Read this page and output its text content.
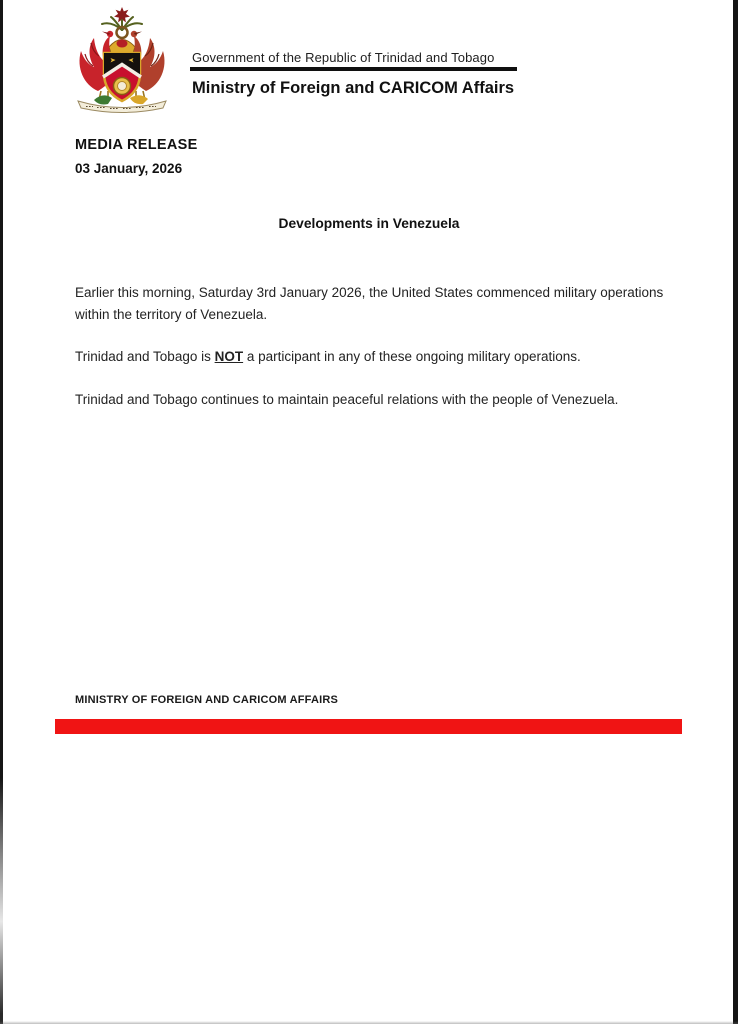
Government of the Republic of Trinidad and Tobago
Ministry of Foreign and CARICOM Affairs
MEDIA RELEASE
03 January, 2026
Developments in Venezuela

Earlier this morning, Saturday 3rd January 2026, the United States commenced military operations within the territory of Venezuela.

Trinidad and Tobago is NOT a participant in any of these ongoing military operations.

Trinidad and Tobago continues to maintain peaceful relations with the people of Venezuela.

MINISTRY OF FOREIGN AND CARICOM AFFAIRS
